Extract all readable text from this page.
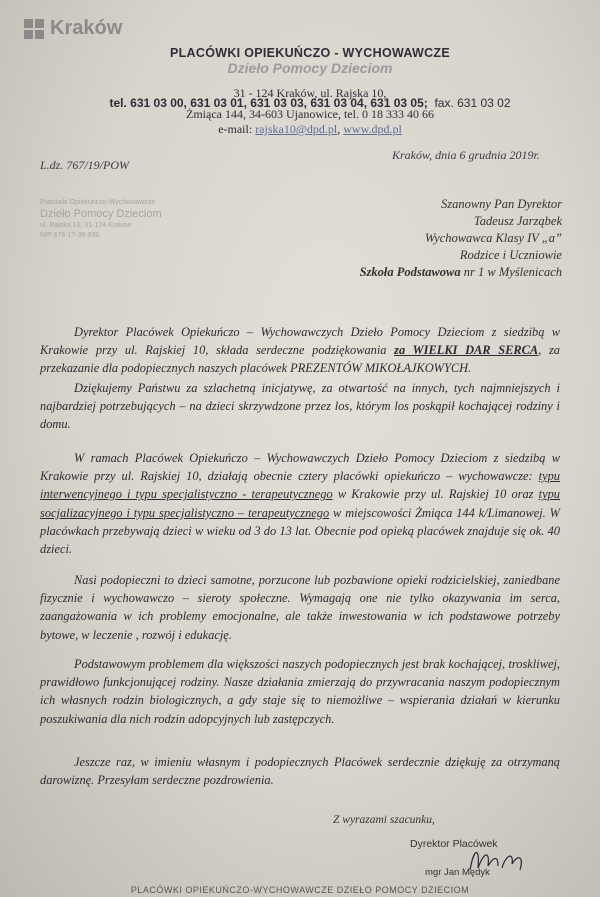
Kraków
PLACÓWKI OPIEKUŃCZO - WYCHOWAWCZE
Dzieło Pomocy Dzieciom
31 - 124 Kraków, ul. Rajska 10,
tel. 631 03 00, 631 03 01, 631 03 03, 631 03 04, 631 03 05; fax. 631 03 02
Żmiąca 144, 34-603 Ujanowice, tel. 0 18 333 40 66
e-mail: rajska10@dpd.pl, www.dpd.pl
Kraków, dnia 6 grudnia 2019r.
L.dz. 767/19/POW
Placówki Opiekuńczo-Wychowawcze
Dzieło Pomocy Dzieciom
ul. Rajska 10, 31-124 Kraków
NIP 676-17-36-930
Szanowny Pan Dyrektor
Tadeusz Jarząbek
Wychowawca Klasy IV „a”
Rodzice i Uczniowie
Szkoła Podstawowa nr 1 w Myślenicach

Dyrektor Placówek Opiekuńczo – Wychowawczych Dzieło Pomocy Dzieciom z siedzibą w Krakowie przy ul. Rajskiej 10, składa serdeczne podziękowania za WIELKI DAR SERCA, za przekazanie dla podopiecznych naszych placówek PREZENTÓW MIKOŁAJKOWYCH.

Dziękujemy Państwu za szlachetną inicjatywę, za otwartość na innych, tych najmniejszych i najbardziej potrzebujących – na dzieci skrzywdzone przez los, którym los poskąpił kochającej rodziny i domu.

W ramach Placówek Opiekuńczo – Wychowawczych Dzieło Pomocy Dzieciom z siedzibą w Krakowie przy ul. Rajskiej 10, działają obecnie cztery placówki opiekuńczo – wychowawcze: typu interwencyjnego i typu specjalistyczno - terapeutycznego w Krakowie przy ul. Rajskiej 10 oraz typu socjalizacyjnego i typu specjalistyczno – terapeutycznego w miejscowości Żmiąca 144 k/Limanowej. W placówkach przebywają dzieci w wieku od 3 do 13 lat. Obecnie pod opieką placówek znajduje się ok. 40 dzieci.

Nasi podopieczni to dzieci samotne, porzucone lub pozbawione opieki rodzicielskiej, zaniedbane fizycznie i wychowawczo – sieroty społeczne. Wymagają one nie tylko okazywania im serca, zaangażowania w ich problemy emocjonalne, ale także inwestowania w ich podstawowe potrzeby bytowe, w leczenie , rozwój i edukację.

Podstawowym problemem dla większości naszych podopiecznych jest brak kochającej, troskliwej, prawidłowo funkcjonującej rodziny. Nasze działania zmierzają do przywracania naszym podopiecznym ich własnych rodzin biologicznych, a gdy staje się to niemożliwe – wspierania działań w kierunku poszukiwania dla nich rodzin adopcyjnych lub zastępczych.

Jeszcze raz, w imieniu własnym i podopiecznych Placówek serdecznie dziękuję za otrzymaną darowiznę. Przesyłam serdeczne pozdrowienia.

Z wyrazami szacunku,
Dyrektor Placówek
mgr Jan Mędyk
PLACÓWKI OPIEKUŃCZO-WYCHOWAWCZE DZIEŁO POMOCY DZIECIOM
